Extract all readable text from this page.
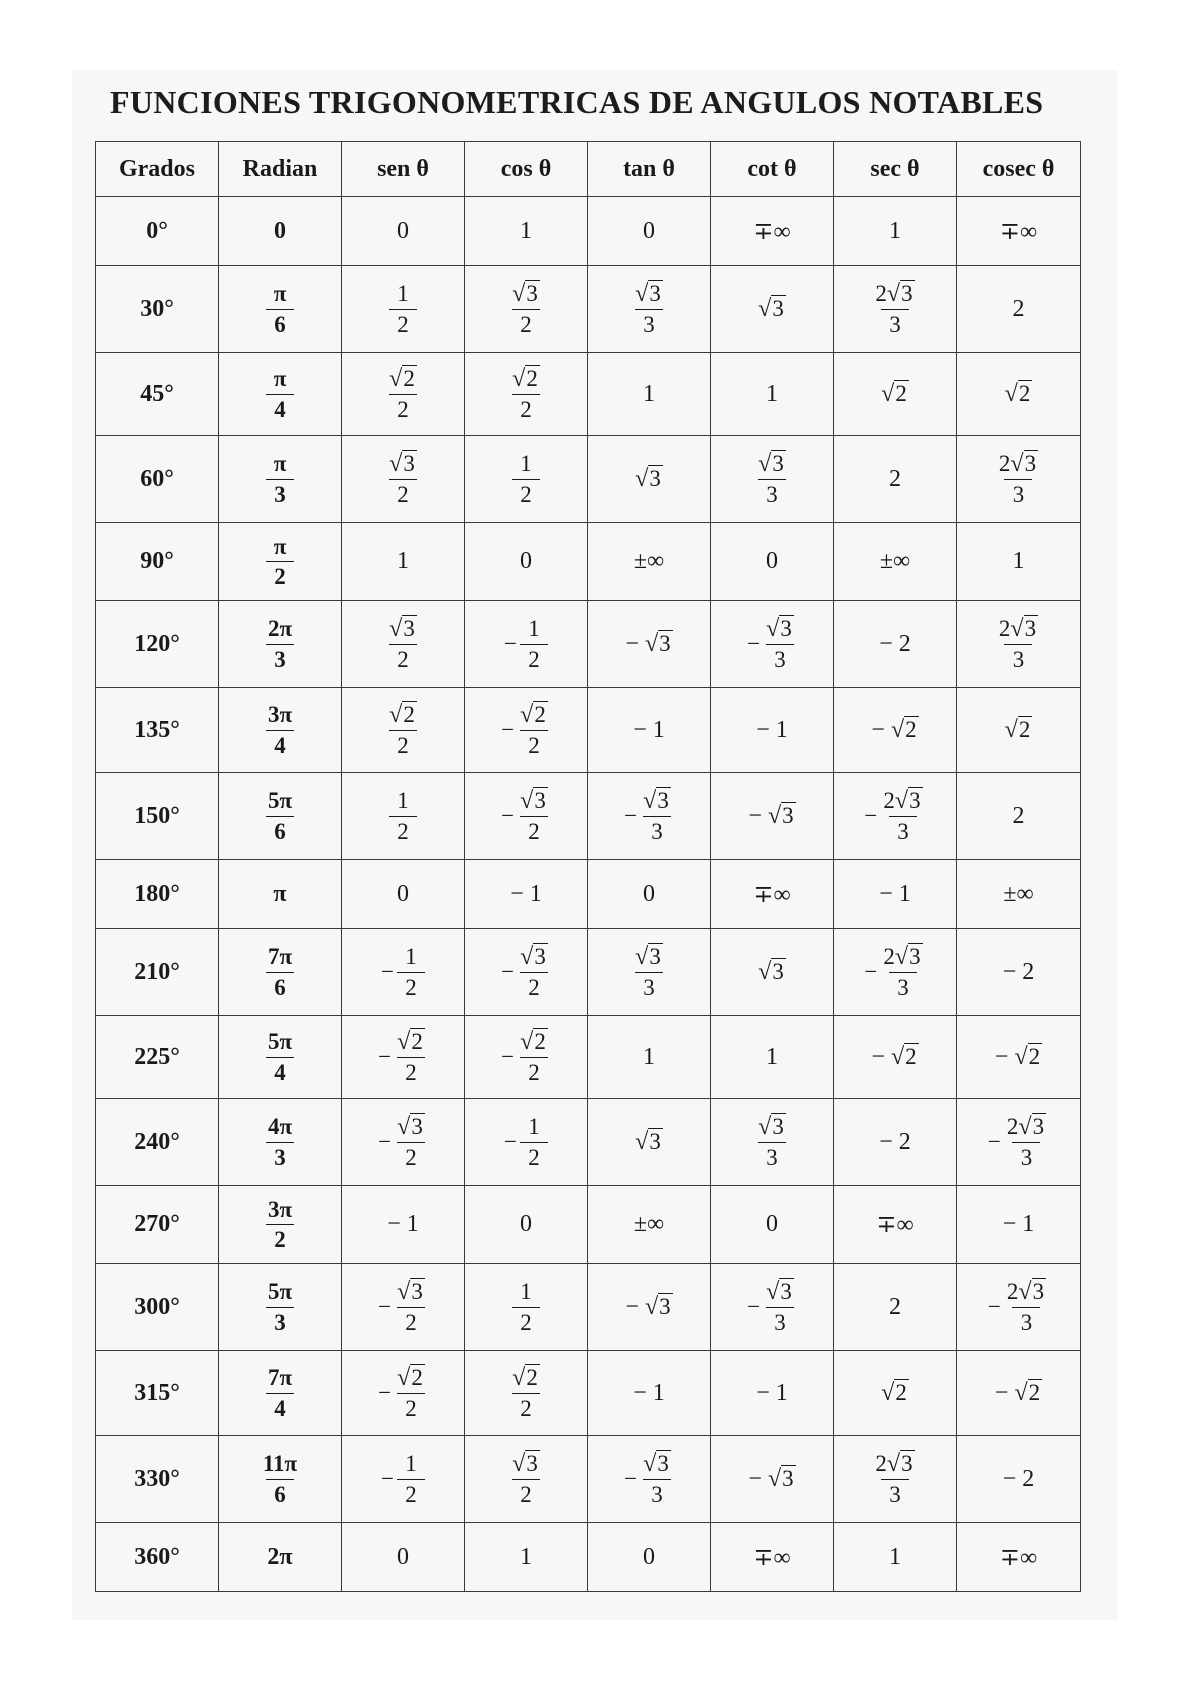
FUNCIONES TRIGONOMETRICAS DE ANGULOS NOTABLES
Grados	Radian	sen θ	cos θ	tan θ	cot θ	sec θ	cosec θ
0°	0	0	1	0	∓∞	1	∓∞
30°	$\frac{\pi}{6}$	$\frac{1}{2}$	$\frac{√3}{2}$	$\frac{√3}{3}$	√3	$\frac{2√3}{3}$	2
45°	$\frac{\pi}{4}$	$\frac{√2}{2}$	$\frac{√2}{2}$	1	1	√2	√2
60°	$\frac{\pi}{3}$	$\frac{√3}{2}$	$\frac{1}{2}$	√3	$\frac{√3}{3}$	2	$\frac{2√3}{3}$

90°	$\frac{\pi}{2}$	1	0	±∞	0	±∞	1
120°	$\frac{2\pi}{3}$	$\frac{√3}{2}$	− $\frac{1}{2}$	− √3	− $\frac{√3}{3}$	− 2	$\frac{2√3}{3}$

135°	$\frac{3\pi}{4}$	$\frac{√2}{2}$	− $\frac{√2}{2}$	− 1	− 1	− √2	√2
150°	$\frac{5\pi}{6}$	$\frac{1}{2}$	− $\frac{√3}{2}$	− $\frac{√3}{3}$	− √3	− $\frac{2√3}{3}$	2
180°	π	0	− 1	0	∓∞	− 1	±∞
210°	$\frac{7\pi}{6}$	− $\frac{1}{2}$	− $\frac{√3}{2}$	$\frac{√3}{3}$	√3	− $\frac{2√3}{3}$	− 2
225°	$\frac{5\pi}{4}$	− $\frac{√2}{2}$	− $\frac{√2}{2}$	1	1	− √2	− √2
240°	$\frac{4\pi}{3}$	− $\frac{√3}{2}$	− $\frac{1}{2}$	√3	$\frac{√3}{3}$	− 2	− $\frac{2√3}{3}$

270°	$\frac{3\pi}{2}$	− 1	0	±∞	0	∓∞	− 1
300°	$\frac{5\pi}{3}$	− $\frac{√3}{2}$	$\frac{1}{2}$	− √3	− $\frac{√3}{3}$	2	− $\frac{2√3}{3}$

315°	$\frac{7\pi}{4}$	− $\frac{√2}{2}$	$\frac{√2}{2}$	− 1	− 1	√2	− √2
330°	$\frac{11\pi}{6}$	− $\frac{1}{2}$	$\frac{√3}{2}$	− $\frac{√3}{3}$	− √3	$\frac{2√3}{3}$	− 2
360°	2π	0	1	0	∓∞	1	∓∞
